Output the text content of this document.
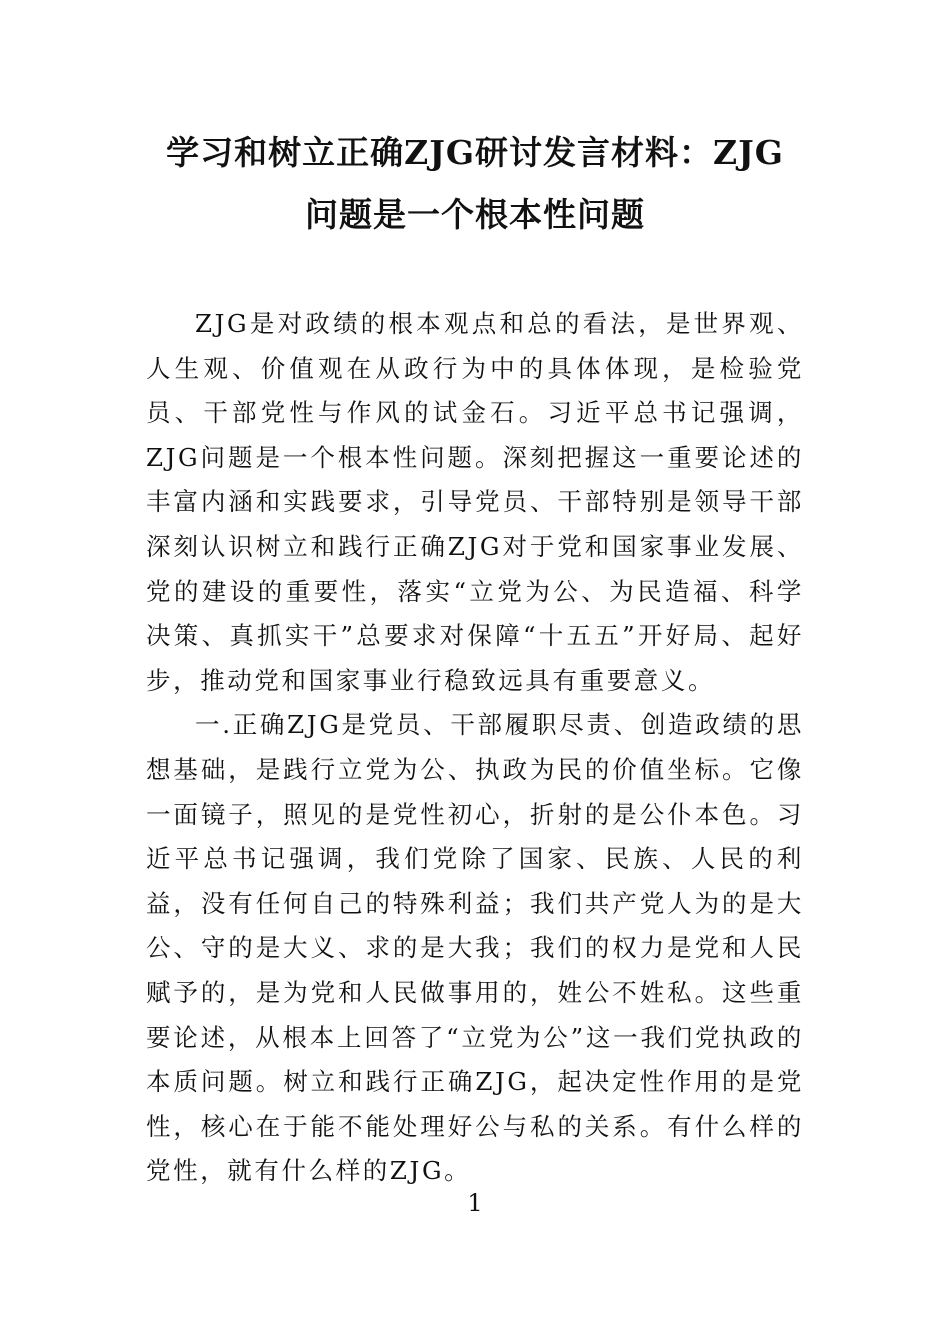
学习和树立正确ZJG研讨发言材料：ZJG
问题是一个根本性问题

ZJG是对政绩的根本观点和总的看法，是世界观、人生观、价值观在从政行为中的具体体现，是检验党员、干部党性与作风的试金石。习近平总书记强调，ZJG问题是一个根本性问题。深刻把握这一重要论述的丰富内涵和实践要求，引导党员、干部特别是领导干部深刻认识树立和践行正确ZJG对于党和国家事业发展、党的建设的重要性，落实“立党为公、为民造福、科学决策、真抓实干”总要求对保障“十五五”开好局、起好步，推动党和国家事业行稳致远具有重要意义。

一.正确ZJG是党员、干部履职尽责、创造政绩的思想基础，是践行立党为公、执政为民的价值坐标。它像一面镜子，照见的是党性初心，折射的是公仆本色。习近平总书记强调，我们党除了国家、民族、人民的利益，没有任何自己的特殊利益；我们共产党人为的是大公、守的是大义、求的是大我；我们的权力是党和人民赋予的，是为党和人民做事用的，姓公不姓私。这些重要论述，从根本上回答了“立党为公”这一我们党执政的本质问题。树立和践行正确ZJG，起决定性作用的是党性，核心在于能不能处理好公与私的关系。有什么样的党性，就有什么样的ZJG。

1
